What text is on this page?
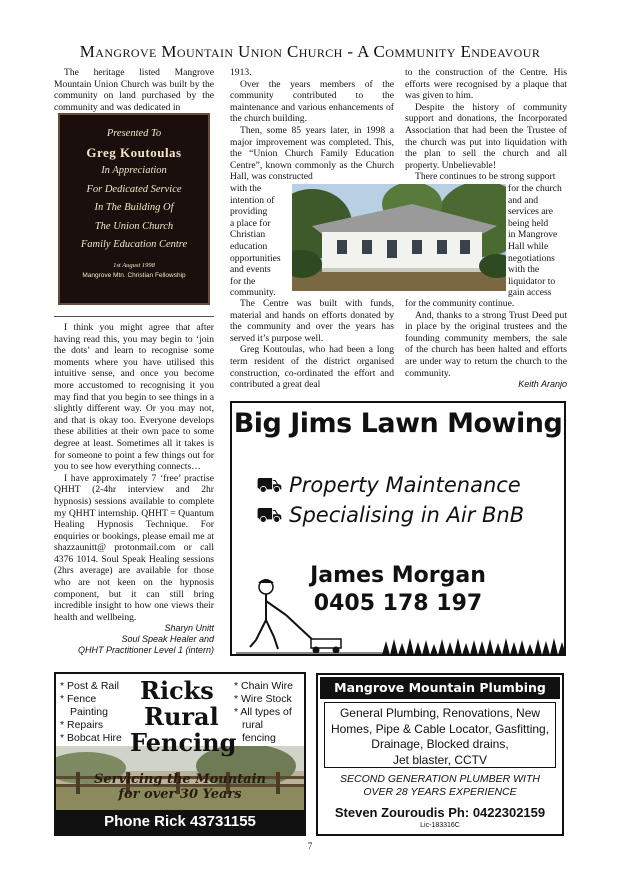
Mangrove Mountain Union Church - A Community Endeavour

The heritage listed Mangrove Mountain Union Church was built by the community on land purchased by the community and was dedicated in

Presented To
Greg Koutoulas
In Appreciation
For Dedicated Service
In The Building Of
The Union Church
Family Education Centre
1st August 1998
Mangrove Mtn. Christian Fellowship

I think you might agree that after having read this, you may begin to ‘join the dots’ and learn to recognise some moments where you have utilised this intuitive sense, and once you become more accustomed to recognising it you may find that you begin to see things in a slightly different way. Or you may not, and that is okay too. Everyone develops these abilities at their own pace to some degree at least. Sometimes all it takes is for someone to point a few things out for you to see how everything connects…

I have approximately 7 ‘free’ practise QHHT (2-4hr interview and 2hr hypnosis) sessions available to complete my QHHT internship. QHHT = Quantum Healing Hypnosis Technique. For enquiries or bookings, please email me at shazzaunitt@ protonmail.com or call 4376 1014. Soul Speak Healing sessions (2hrs average) are available for those who are not keen on the hypnosis component, but it can still bring incredible insight to how one views their health and wellbeing.

Sharyn Unitt
Soul Speak Healer and
QHHT Practitioner Level 1 (intern)

1913.

Over the years members of the community contributed to the maintenance and various enhancements of the church building.

Then, some 85 years later, in 1998 a major improvement was completed. This, the “Union Church Family Education Centre”, known commonly as the Church Hall, was constructed

with the
intention of
providing
a place for
Christian
education
opportunities
and events
for the
community.

The Centre was built with funds, material and hands on efforts donated by the community and over the years has served it’s purpose well.

Greg Koutoulas, who had been a long term resident of the district organised construction, co-ordinated the effort and contributed a great deal

to the construction of the Centre. His efforts were recognised by a plaque that was given to him.

Despite the history of community support and donations, the Incorporated Association that had been the Trustee of the church was put into liquidation with the plan to sell the church and all property. Unbelievable!

There continues to be strong support

for the church
and and
services are
being held
in Mangrove
Hall while
negotiations
with the
liquidator to
gain access

for the community continue.

And, thanks to a strong Trust Deed put in place by the original trustees and the founding community members, the sale of the church has been halted and efforts are under way to return the church to the community.

Keith Aranjo
Big Jims Lawn Mowing
⛟ Property Maintenance
⛟ Specialising in Air BnB
James Morgan
0405 178 197
* Post & Rail
* Fence
Painting
* Repairs
* Bobcat Hire
Ricks
Rural
Fencing
* Chain Wire
* Wire Stock
* All types of
rural
fencing
Servicing the Mountain
for over 30 Years
Phone Rick 43731155
Mangrove Mountain Plumbing
General Plumbing, Renovations, New
Homes, Pipe & Cable Locator, Gasfitting,
Drainage, Blocked drains,
Jet blaster, CCTV
SECOND GENERATION PLUMBER WITH
OVER 28 YEARS EXPERIENCE
Steven Zouroudis Ph: 0422302159
Lic-183316C
7
